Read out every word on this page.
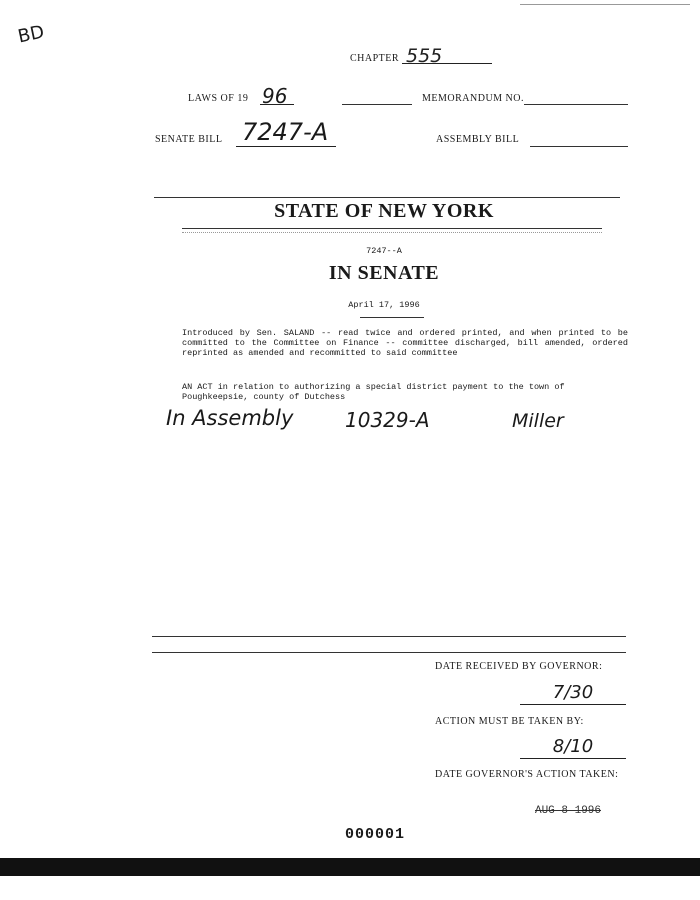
BD
CHAPTER 555
LAWS OF 19 96	MEMORANDUM NO.
SENATE BILL 7247-A	ASSEMBLY BILL
STATE OF NEW YORK
7247--A
IN SENATE
April 17, 1996
Introduced by Sen. SALAND -- read twice and ordered printed, and when printed to be committed to the Committee on Finance -- committee discharged, bill amended, ordered reprinted as amended and recommitted to said committee
AN ACT in relation to authorizing a special district payment to the town of Poughkeepsie, county of Dutchess
In Assembly	10329-A	Miller
DATE RECEIVED BY GOVERNOR:
7/30
ACTION MUST BE TAKEN BY:
8/10
DATE GOVERNOR'S ACTION TAKEN:
AUG 8 1996
000001
